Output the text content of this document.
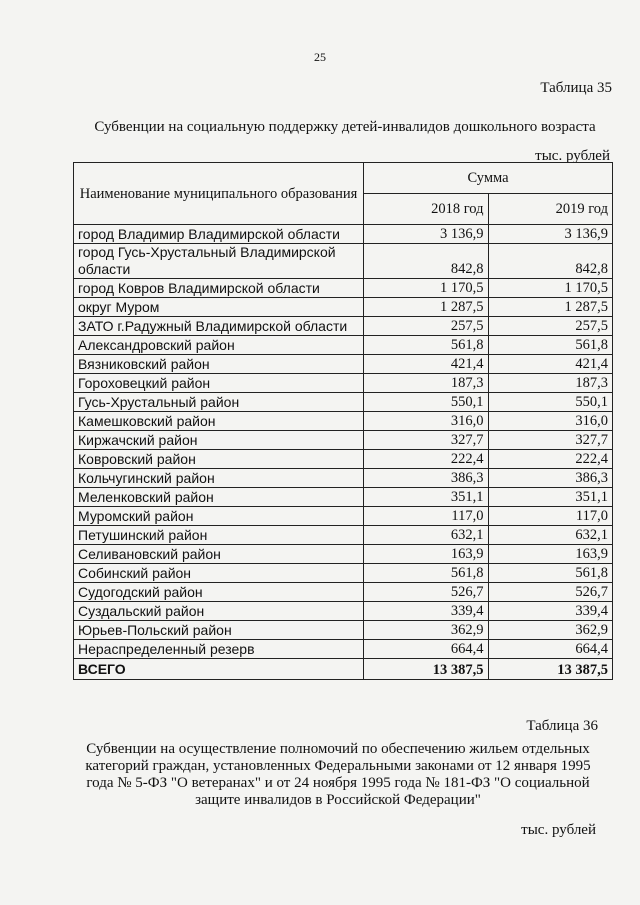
25
Таблица 35
Субвенции на социальную поддержку детей-инвалидов дошкольного возраста
тыс. рублей
Наименование муниципального образования	Сумма	
	2018 год	2019 год
город Владимир Владимирской области	3 136,9	3 136,9
город Гусь-Хрустальный Владимирской области	842,8	842,8
город Ковров Владимирской области	1 170,5	1 170,5
округ Муром	1 287,5	1 287,5
ЗАТО г.Радужный Владимирской области	257,5	257,5
Александровский район	561,8	561,8
Вязниковский район	421,4	421,4
Гороховецкий район	187,3	187,3
Гусь-Хрустальный район	550,1	550,1
Камешковский район	316,0	316,0
Киржачский район	327,7	327,7
Ковровский район	222,4	222,4
Кольчугинский район	386,3	386,3
Меленковский район	351,1	351,1
Муромский район	117,0	117,0
Петушинский район	632,1	632,1
Селивановский район	163,9	163,9
Собинский район	561,8	561,8
Судогодский район	526,7	526,7
Суздальский район	339,4	339,4
Юрьев-Польский район	362,9	362,9
Нераспределенный резерв	664,4	664,4
ВСЕГО	13 387,5	13 387,5
Таблица 36
Субвенции на осуществление полномочий по обеспечению жильем отдельных
категорий граждан, установленных Федеральными законами от 12 января 1995
года № 5-ФЗ "О ветеранах" и от 24 ноября 1995 года № 181-ФЗ "О социальной
защите инвалидов в Российской Федерации"
тыс. рублей
